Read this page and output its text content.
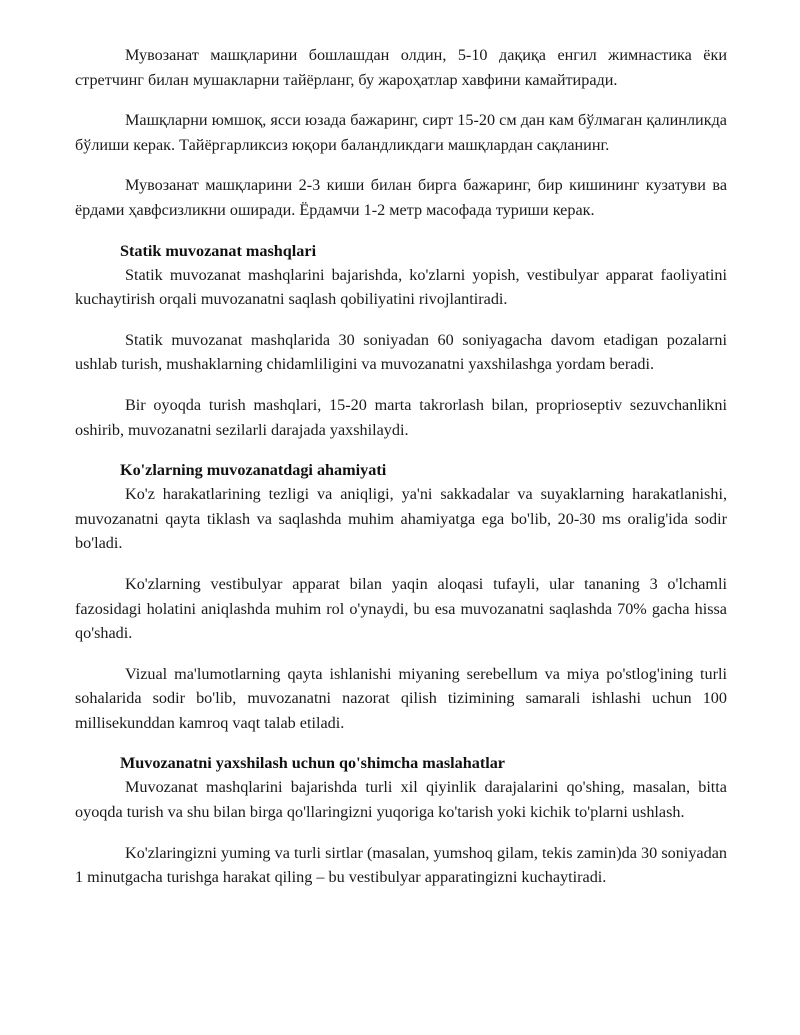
Мувозанат машқларини бошлашдан олдин, 5-10 дақиқа енгил жимнастика ёки стретчинг билан мушакларни тайёрланг, бу жароҳатлар хавфини камайтиради.

Машқларни юмшоқ, ясси юзада бажаринг, сирт 15-20 см дан кам бўлмаган қалинликда бўлиши керак. Тайёргарликсиз юқори баландликдаги машқлардан сақланинг.

Мувозанат машқларини 2-3 киши билан бирга бажаринг, бир кишининг кузатуви ва ёрдами ҳавфсизликни оширади. Ёрдамчи 1-2 метр масофада туриши керак.

Statik muvozanat mashqlari

Statik muvozanat mashqlarini bajarishda, ko'zlarni yopish, vestibulyar apparat faoliyatini kuchaytirish orqali muvozanatni saqlash qobiliyatini rivojlantiradi.

Statik muvozanat mashqlarida 30 soniyadan 60 soniyagacha davom etadigan pozalarni ushlab turish, mushaklarning chidamliligini va muvozanatni yaxshilashga yordam beradi.

Bir oyoqda turish mashqlari, 15-20 marta takrorlash bilan, proprioseptiv sezuvchanlikni oshirib, muvozanatni sezilarli darajada yaxshilaydi.

Ko'zlarning muvozanatdagi ahamiyati

Ko'z harakatlarining tezligi va aniqligi, ya'ni sakkadalar va suyaklarning harakatlanishi, muvozanatni qayta tiklash va saqlashda muhim ahamiyatga ega bo'lib, 20-30 ms oralig'ida sodir bo'ladi.

Ko'zlarning vestibulyar apparat bilan yaqin aloqasi tufayli, ular tananing 3 o'lchamli fazosidagi holatini aniqlashda muhim rol o'ynaydi, bu esa muvozanatni saqlashda 70% gacha hissa qo'shadi.

Vizual ma'lumotlarning qayta ishlanishi miyaning serebellum va miya po'stlog'ining turli sohalarida sodir bo'lib, muvozanatni nazorat qilish tizimining samarali ishlashi uchun 100 millisekunddan kamroq vaqt talab etiladi.

Muvozanatni yaxshilash uchun qo'shimcha maslahatlar

Muvozanat mashqlarini bajarishda turli xil qiyinlik darajalarini qo'shing, masalan, bitta oyoqda turish va shu bilan birga qo'llaringizni yuqoriga ko'tarish yoki kichik to'plarni ushlash.

Ko'zlaringizni yuming va turli sirtlar (masalan, yumshoq gilam, tekis zamin)da 30 soniyadan 1 minutgacha turishga harakat qiling – bu vestibulyar apparatingizni kuchaytiradi.
